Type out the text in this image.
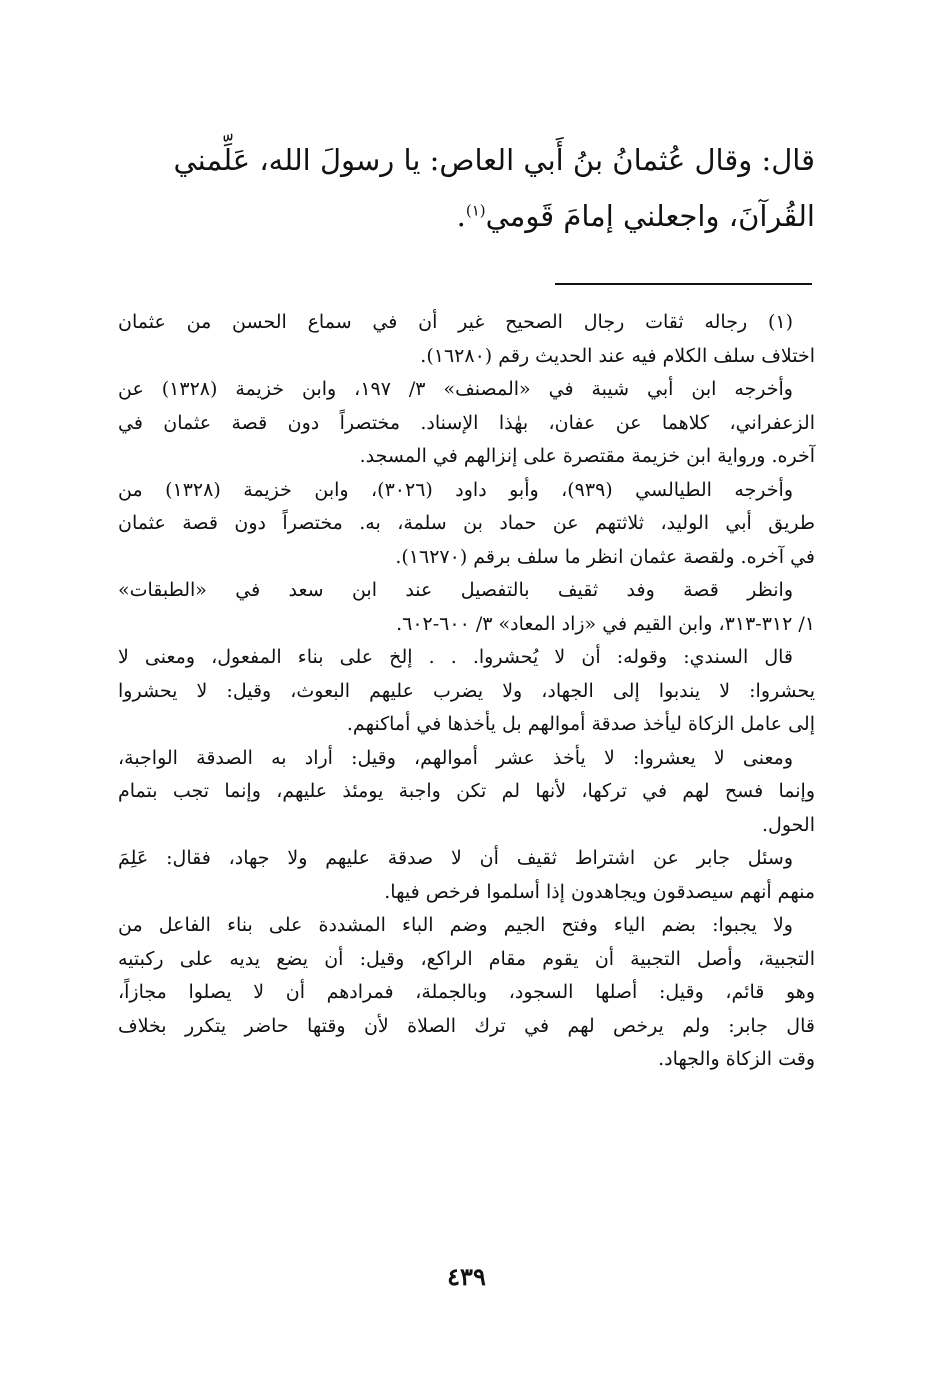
قال: وقال عُثمانُ بنُ أَبي العاص: يا رسولَ الله، عَلِّمني
القُرآنَ، واجعلني إمامَ قَومي$^{(١)}$.

(١) رجاله ثقات رجال الصحيح غير أن في سماع الحسن من عثمان
اختلاف سلف الكلام فيه عند الحديث رقم (١٦٢٨٠).

وأخرجه ابن أبي شيبة في «المصنف» ٣/ ١٩٧، وابن خزيمة (١٣٢٨) عن
الزعفراني، كلاهما عن عفان، بهٰذا الإسناد. مختصراً دون قصة عثمان في
آخره. ورواية ابن خزيمة مقتصرة على إنزالهم في المسجد.

وأخرجه الطيالسي (٩٣٩)، وأبو داود (٣٠٢٦)، وابن خزيمة (١٣٢٨) من
طريق أبي الوليد، ثلاثتهم عن حماد بن سلمة، به. مختصراً دون قصة عثمان
في آخره. ولقصة عثمان انظر ما سلف برقم (١٦٢٧٠).

وانظر قصة وفد ثقيف بالتفصيل عند ابن سعد في «الطبقات»
١/ ٣١٢-٣١٣، وابن القيم في «زاد المعاد» ٣/ ٦٠٠-٦٠٢.

قال السندي: وقوله: أن لا يُحشروا. . . إلخ على بناء المفعول، ومعنى لا
يحشروا: لا يندبوا إلى الجهاد، ولا يضرب عليهم البعوث، وقيل: لا يحشروا
إلى عامل الزكاة ليأخذ صدقة أموالهم بل يأخذها في أماكنهم.

ومعنى لا يعشروا: لا يأخذ عشر أموالهم، وقيل: أراد به الصدقة الواجبة،
وإنما فسح لهم في تركها، لأنها لم تكن واجبة يومئذ عليهم، وإنما تجب بتمام
الحول.

وسئل جابر عن اشتراط ثقيف أن لا صدقة عليهم ولا جهاد، فقال: عَلِمَ
منهم أنهم سيصدقون ويجاهدون إذا أسلموا فرخص فيها.

ولا يجبوا: بضم الياء وفتح الجيم وضم الباء المشددة على بناء الفاعل من
التجبية، وأصل التجبية أن يقوم مقام الراكع، وقيل: أن يضع يديه على ركبتيه
وهو قائم، وقيل: أصلها السجود، وبالجملة، فمرادهم أن لا يصلوا مجازاً،
قال جابر: ولم يرخص لهم في ترك الصلاة لأن وقتها حاضر يتكرر بخلاف
وقت الزكاة والجهاد.

٤٣٩
